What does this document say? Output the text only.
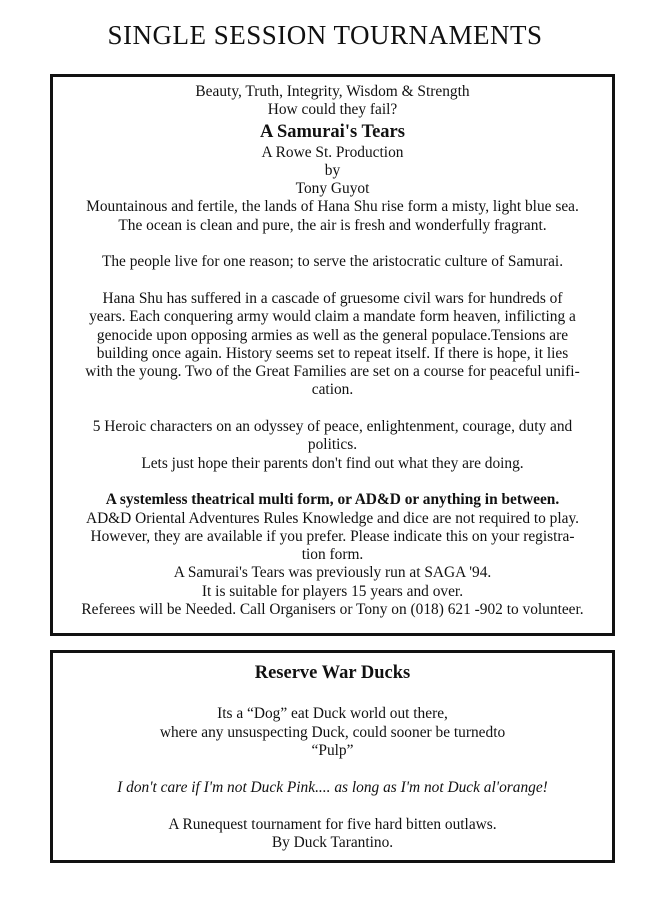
SINGLE SESSION TOURNAMENTS
Beauty, Truth, Integrity, Wisdom & Strength
How could they fail?
A Samurai's Tears
A Rowe St. Production
by
Tony Guyot
Mountainous and fertile, the lands of Hana Shu rise form a misty, light blue sea.
The ocean is clean and pure, the air is fresh and wonderfully fragrant.
The people live for one reason; to serve the aristocratic culture of Samurai.
Hana Shu has suffered in a cascade of gruesome civil wars for hundreds of
years. Each conquering army would claim a mandate form heaven, infilicting a
genocide upon opposing armies as well as the general populace.Tensions are
building once again. History seems set to repeat itself. If there is hope, it lies
with the young. Two of the Great Families are set on a course for peaceful unifi-
cation.
5 Heroic characters on an odyssey of peace, enlightenment, courage, duty and
politics.
Lets just hope their parents don't find out what they are doing.
A systemless theatrical multi form, or AD&D or anything in between.
AD&D Oriental Adventures Rules Knowledge and dice are not required to play.
However, they are available if you prefer. Please indicate this on your registra-
tion form.
A Samurai's Tears was previously run at SAGA '94.
It is suitable for players 15 years and over.
Referees will be Needed. Call Organisers or Tony on (018) 621 -902 to volunteer.
Reserve War Ducks
Its a “Dog” eat Duck world out there,
where any unsuspecting Duck, could sooner be turnedto
“Pulp”
I don't care if I'm not Duck Pink.... as long as I'm not Duck al'orange!
A Runequest tournament for five hard bitten outlaws.
By Duck Tarantino.
